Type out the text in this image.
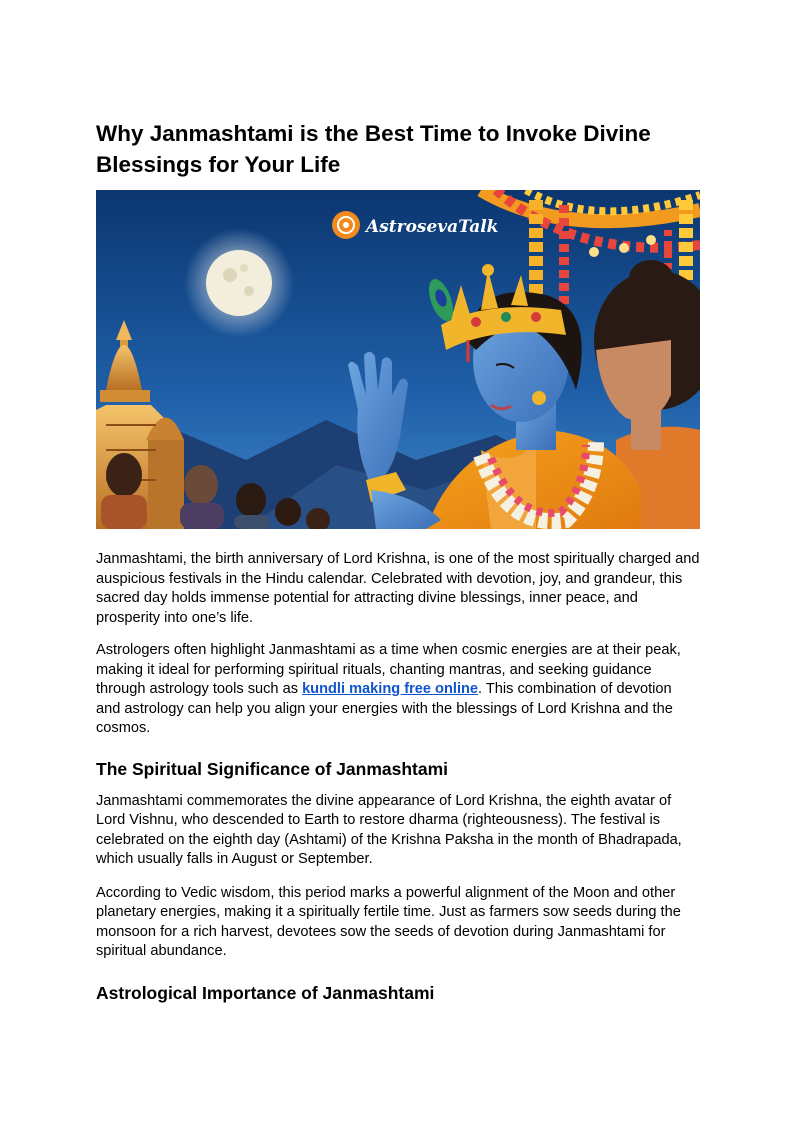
Why Janmashtami is the Best Time to Invoke Divine Blessings for Your Life
AstrosevaTalk

Janmashtami, the birth anniversary of Lord Krishna, is one of the most spiritually charged and auspicious festivals in the Hindu calendar. Celebrated with devotion, joy, and grandeur, this sacred day holds immense potential for attracting divine blessings, inner peace, and prosperity into one’s life.

Astrologers often highlight Janmashtami as a time when cosmic energies are at their peak, making it ideal for performing spiritual rituals, chanting mantras, and seeking guidance through astrology tools such as kundli making free online. This combination of devotion and astrology can help you align your energies with the blessings of Lord Krishna and the cosmos.

The Spiritual Significance of Janmashtami

Janmashtami commemorates the divine appearance of Lord Krishna, the eighth avatar of Lord Vishnu, who descended to Earth to restore dharma (righteousness). The festival is celebrated on the eighth day (Ashtami) of the Krishna Paksha in the month of Bhadrapada, which usually falls in August or September.

According to Vedic wisdom, this period marks a powerful alignment of the Moon and other planetary energies, making it a spiritually fertile time. Just as farmers sow seeds during the monsoon for a rich harvest, devotees sow the seeds of devotion during Janmashtami for spiritual abundance.

Astrological Importance of Janmashtami
